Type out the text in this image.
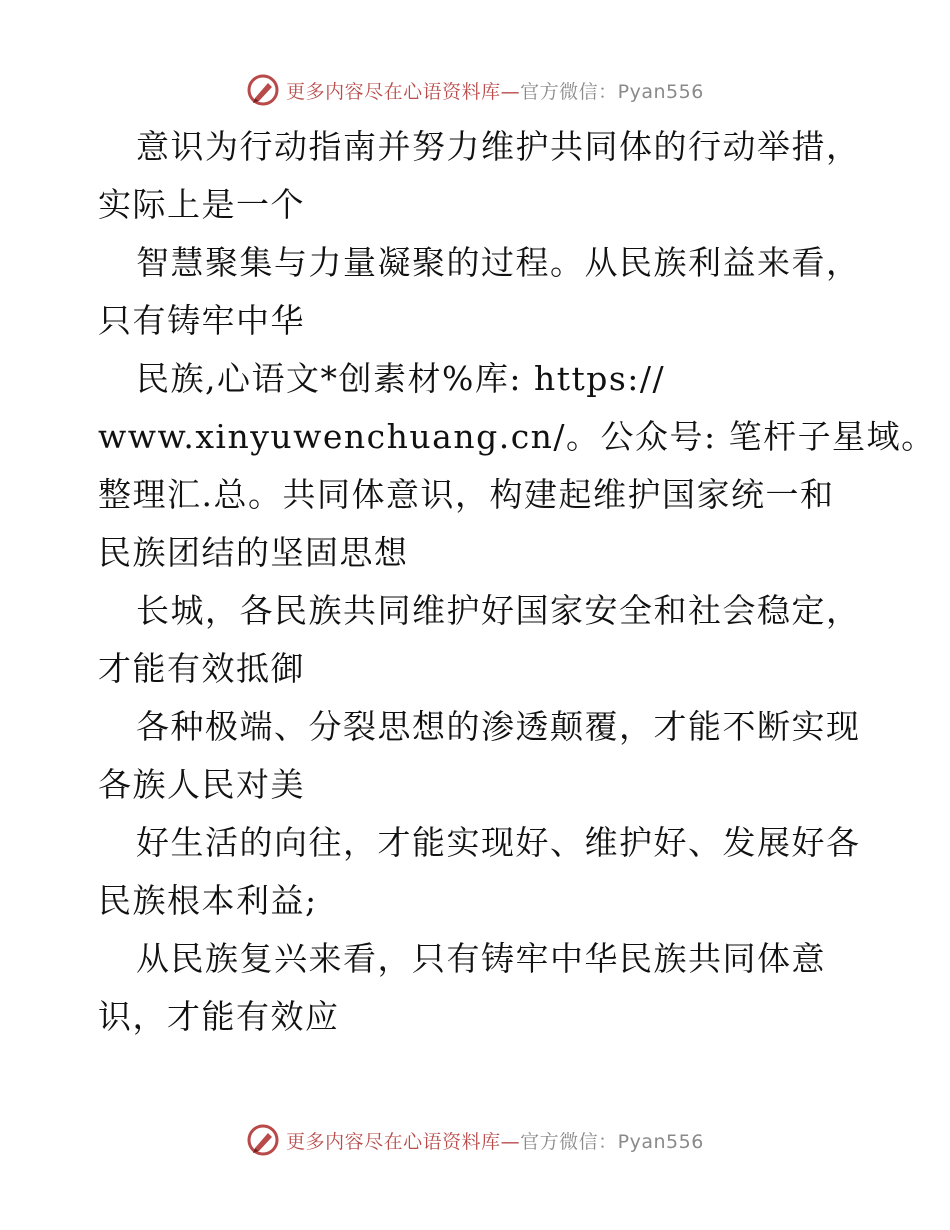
更多内容尽在心语资料库—官方微信：Pyan556
意识为行动指南并努力维护共同体的行动举措，
实际上是一个
智慧聚集与力量凝聚的过程。从民族利益来看，
只有铸牢中华
民族,心语文*创素材%库: https://
www.xinyuwenchuang.cn/。公众号: 笔杆子星域。
整理汇.总。共同体意识，构建起维护国家统一和
民族团结的坚固思想
长城，各民族共同维护好国家安全和社会稳定，
才能有效抵御
各种极端、分裂思想的渗透颠覆，才能不断实现
各族人民对美
好生活的向往，才能实现好、维护好、发展好各
民族根本利益;
从民族复兴来看，只有铸牢中华民族共同体意
识，才能有效应
更多内容尽在心语资料库—官方微信：Pyan556
